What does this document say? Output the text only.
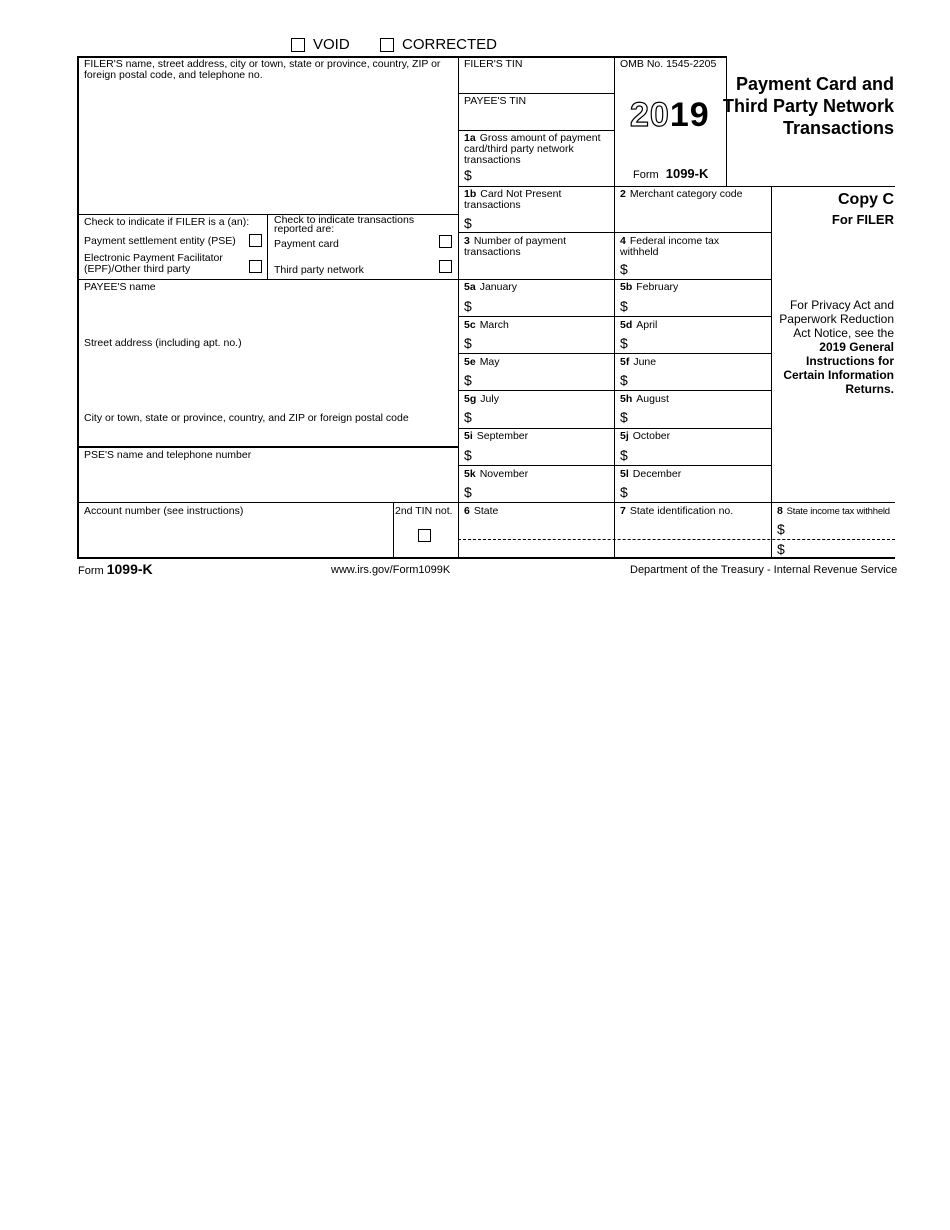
VOID	CORRECTED
FILER'S name, street address, city or town, state or province, country, ZIP or foreign postal code, and telephone no.
FILER'S TIN
PAYEE'S TIN
1a Gross amount of payment card/third party network transactions
$
OMB No. 1545-2205
2019
Form 1099-K
Payment Card and Third Party Network Transactions
Check to indicate if FILER is a (an):
Payment settlement entity (PSE)
Electronic Payment Facilitator (EPF)/Other third party
Check to indicate transactions reported are:
Payment card
Third party network
1b Card Not Present transactions
$
2 Merchant category code	Copy C
For FILER
3 Number of payment transactions
4 Federal income tax withheld
$
PAYEE'S name
Street address (including apt. no.)
City or town, state or province, country, and ZIP or foreign postal code
PSE'S name and telephone number
5a January
$
5b February
$
5c March
$
5d April
$
5e May
$
5f June
$
5g July
$
5h August
$
5i September
$
5j October
$
5k November
$
5l December
$
For Privacy Act and Paperwork Reduction Act Notice, see the 2019 General Instructions for Certain Information Returns.
Account number (see instructions)	2nd TIN not. 6 State	7 State identification no.	8 State income tax withheld
$
$
Form 1099-K	www.irs.gov/Form1099K	Department of the Treasury - Internal Revenue Service
